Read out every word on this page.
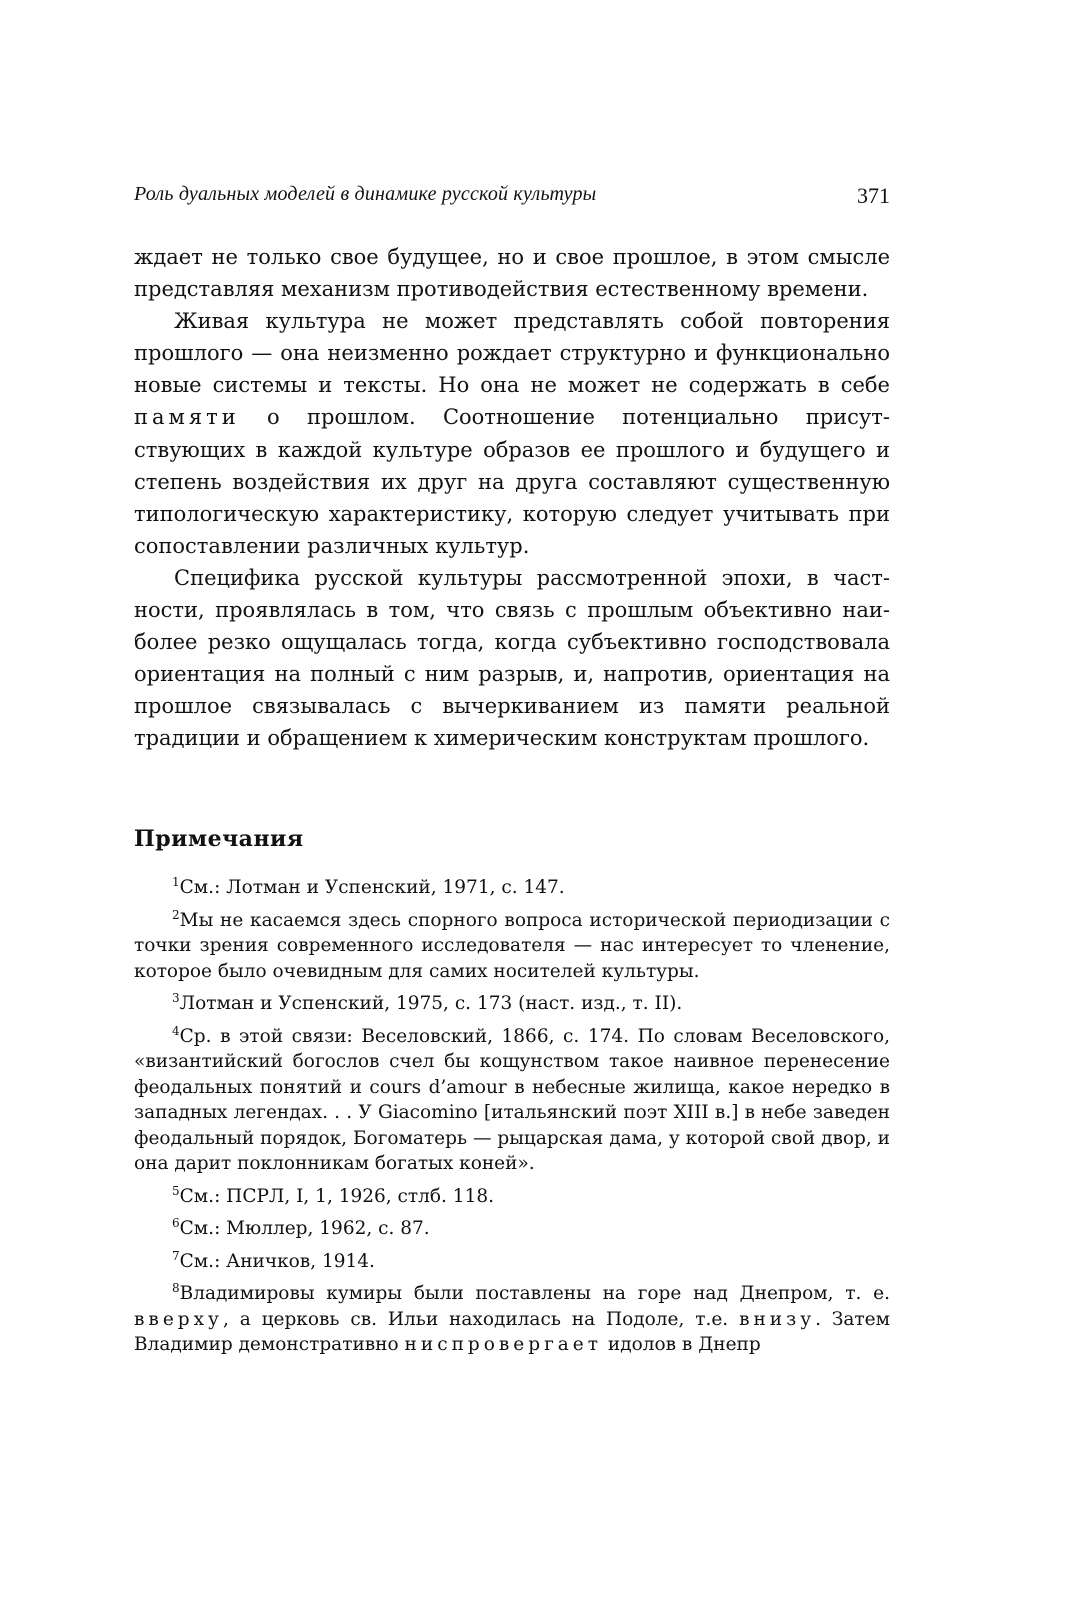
Роль дуальных моделей в динамике русской культуры	371

ждает не только свое будущее, но и свое прошлое, в этом смысле представляя механизм противодействия естественному времени.

Живая культура не может представлять собой повторения прошлого — она неизменно рождает структурно и функционально новые системы и тексты. Но она не может не содержать в себе памяти о прошлом. Соотношение потенциально присутствующих в каждой культуре образов ее прошлого и будущего и степень воздействия их друг на друга составляют существенную типологическую характеристику, которую следует учитывать при сопоставлении различных культур.

Специфика русской культуры рассмотренной эпохи, в частности, проявлялась в том, что связь с прошлым объективно наиболее резко ощущалась тогда, когда субъективно господствовала ориентация на полный с ним разрыв, и, напротив, ориентация на прошлое связывалась с вычеркиванием из памяти реальной традиции и обращением к химерическим конструктам прошлого.

Примечания

$^1$См.: Лотман и Успенский, 1971, с. 147.

$^2$Мы не касаемся здесь спорного вопроса исторической периодизации с точки зрения современного исследователя — нас интересует то членение, которое было очевидным для самих носителей культуры.

$^3$Лотман и Успенский, 1975, с. 173 (наст. изд., т. II).

$^4$Ср. в этой связи: Веселовский, 1866, с. 174. По словам Веселовского, «византийский богослов счел бы кощунством такое наивное перенесение феодальных понятий и cours d’amour в небесные жилища, какое нередко в западных легендах. . . У Giacomino [итальянский поэт XIII в.] в небе заведен феодальный порядок, Богоматерь — рыцарская дама, у которой свой двор, и она дарит поклонникам богатых коней».

$^5$См.: ПСРЛ, I, 1, 1926, стлб. 118.

$^6$См.: Мюллер, 1962, с. 87.

$^7$См.: Аничков, 1914.

$^8$Владимировы кумиры были поставлены на горе над Днепром, т. е. вверху, а церковь св. Ильи находилась на Подоле, т.е. внизу. Затем Владимир демонстративно ниспровергает идолов в Днепр
